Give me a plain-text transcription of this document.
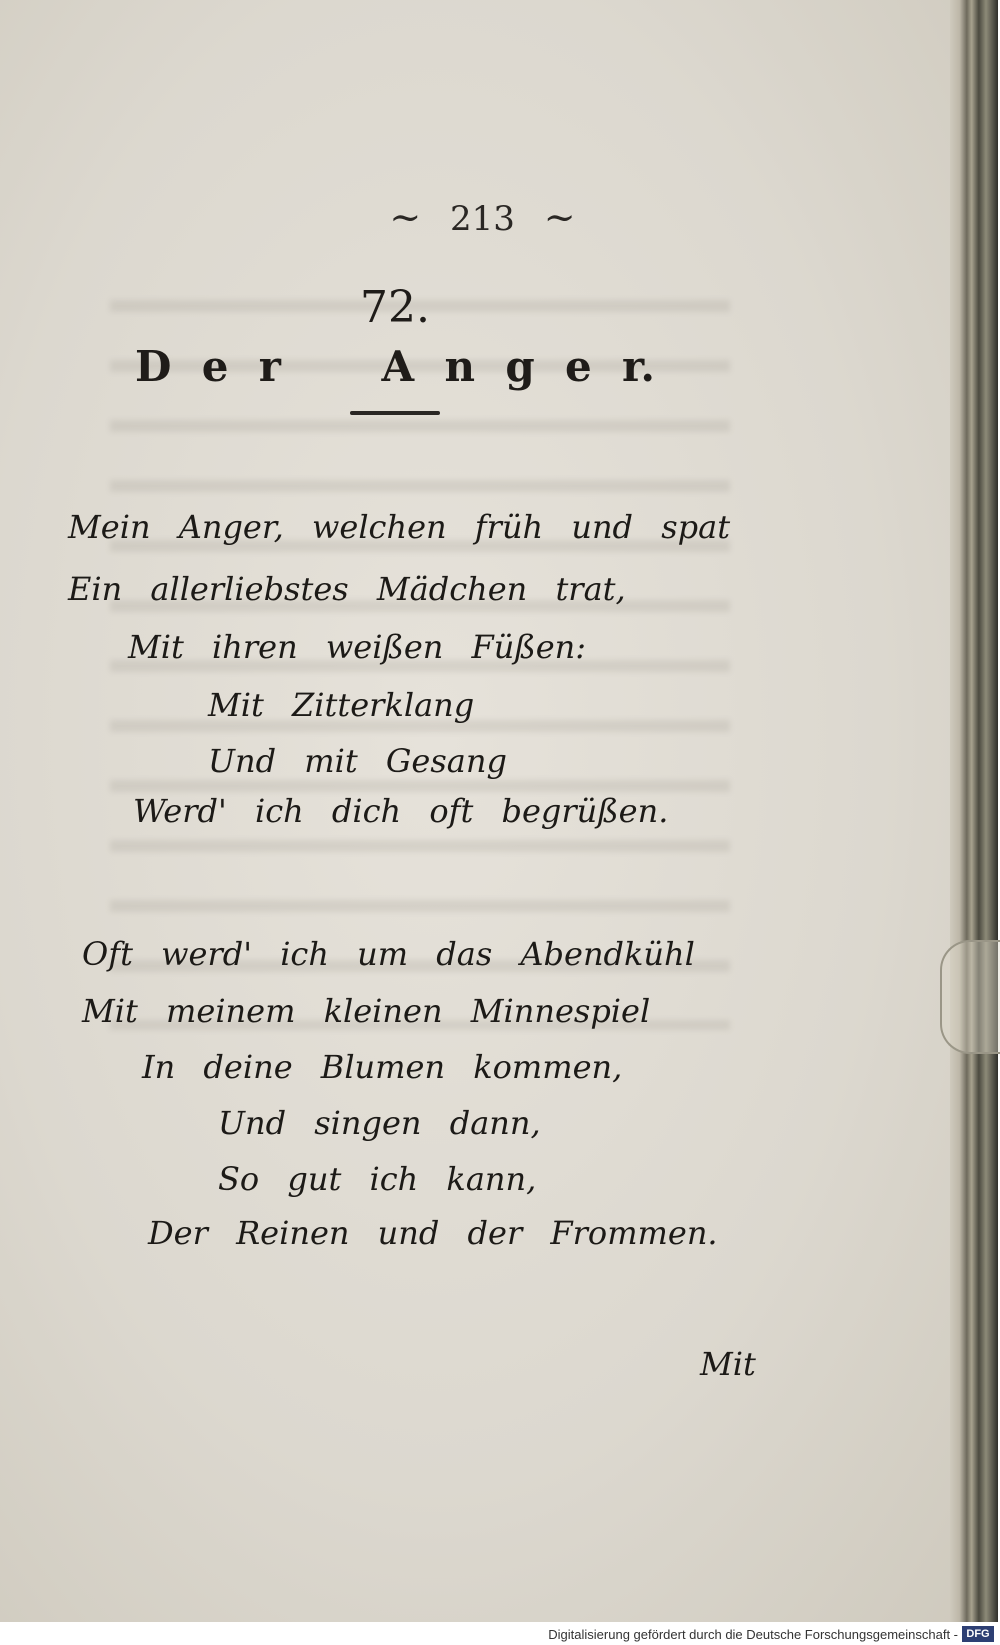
~ 213 ~
72.
D e r A n g e r.
Mein Anger, welchen früh und spat
Ein allerliebstes Mädchen trat,
Mit ihren weißen Füßen:
Mit Zitterklang
Und mit Gesang
Werd' ich dich oft begrüßen.
Oft werd' ich um das Abendkühl
Mit meinem kleinen Minnespiel
In deine Blumen kommen,
Und singen dann,
So gut ich kann,
Der Reinen und der Frommen.
Mit
Digitalisierung gefördert durch die Deutsche Forschungsgemeinschaft - DFG
